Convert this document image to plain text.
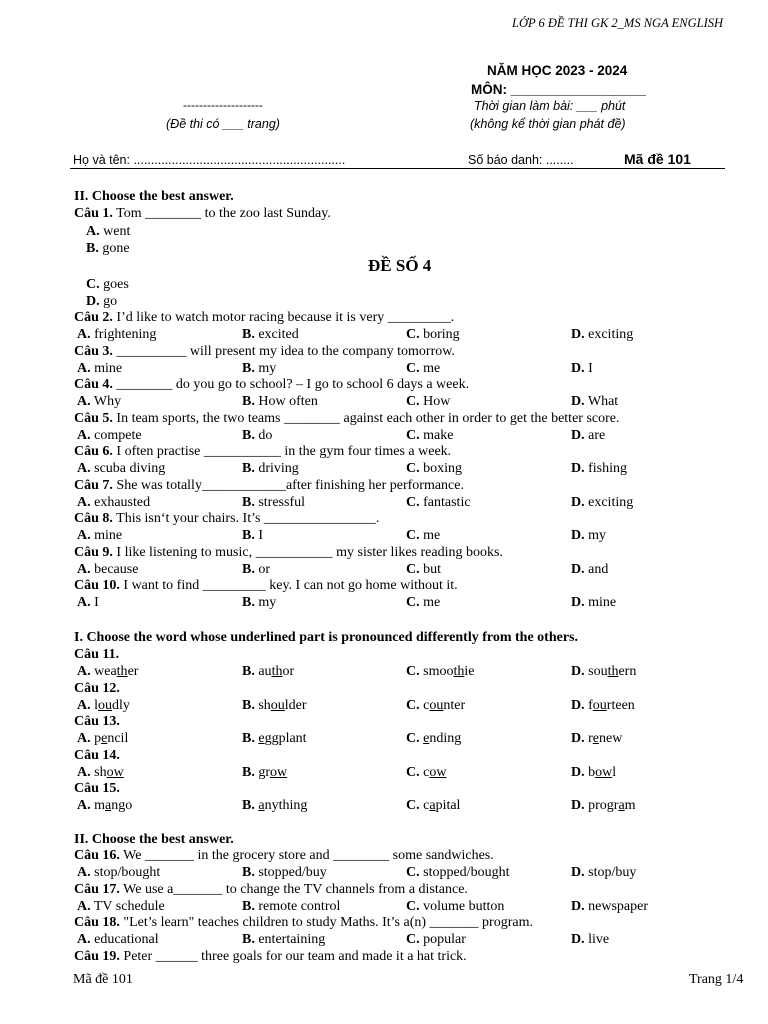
LỚP 6 ĐỀ THI GK 2_MS NGA ENGLISH
NĂM HỌC 2023 - 2024
MÔN: __________________
--------------------	Thời gian làm bài: ___ phút
(Đề thi có ___ trang)	(không kể thời gian phát đề)
Họ và tên: .............................................................	Số báo danh: ........	Mã đề 101
II. Choose the best answer.
Câu 1. Tom ________ to the zoo last Sunday.
A. went
B. gone
ĐỀ SỐ 4
C. goes
D. go
Câu 2. I’d like to watch motor racing because it is very _________.
A. frightening	B. excited	C. boring	D. exciting
Câu 3. __________ will present my idea to the company tomorrow.
A. mine	B. my	C. me	D. I
Câu 4. ________ do you go to school? – I go to school 6 days a week.
A. Why	B. How often	C. How	D. What
Câu 5. In team sports, the two teams ________ against each other in order to get the better score.
A. compete	B. do	C. make	D. are
Câu 6. I often practise ___________ in the gym four times a week.
A. scuba diving	B. driving	C. boxing	D. fishing
Câu 7. She was totally____________after finishing her performance.
A. exhausted	B. stressful	C. fantastic	D. exciting
Câu 8. This isn‘t your chairs. It’s ________________.
A. mine	B. I	C. me	D. my
Câu 9. I like listening to music, ___________ my sister likes reading books.
A. because	B. or	C. but	D. and
Câu 10. I want to find _________ key. I can not go home without it.
A. I	B. my	C. me	D. mine
I. Choose the word whose underlined part is pronounced differently from the others.
Câu 11.
A. weather	B. author	C. smoothie	D. southern
Câu 12.
A. loudly	B. shoulder	C. counter	D. fourteen
Câu 13.
A. pencil	B. eggplant	C. ending	D. renew
Câu 14.
A. show	B. grow	C. cow	D. bowl
Câu 15.
A. mango	B. anything	C. capital	D. program
II. Choose the best answer.
Câu 16. We _______ in the grocery store and ________ some sandwiches.
A. stop/bought	B. stopped/buy	C. stopped/bought	D. stop/buy
Câu 17. We use a_______ to change the TV channels from a distance.
A. TV schedule	B. remote control	C. volume button	D. newspaper
Câu 18. "Let’s learn" teaches children to study Maths. It’s a(n) _______ program.
A. educational	B. entertaining	C. popular	D. live
Câu 19. Peter ______ three goals for our team and made it a hat trick.
Mã đề 101	Trang 1/4
